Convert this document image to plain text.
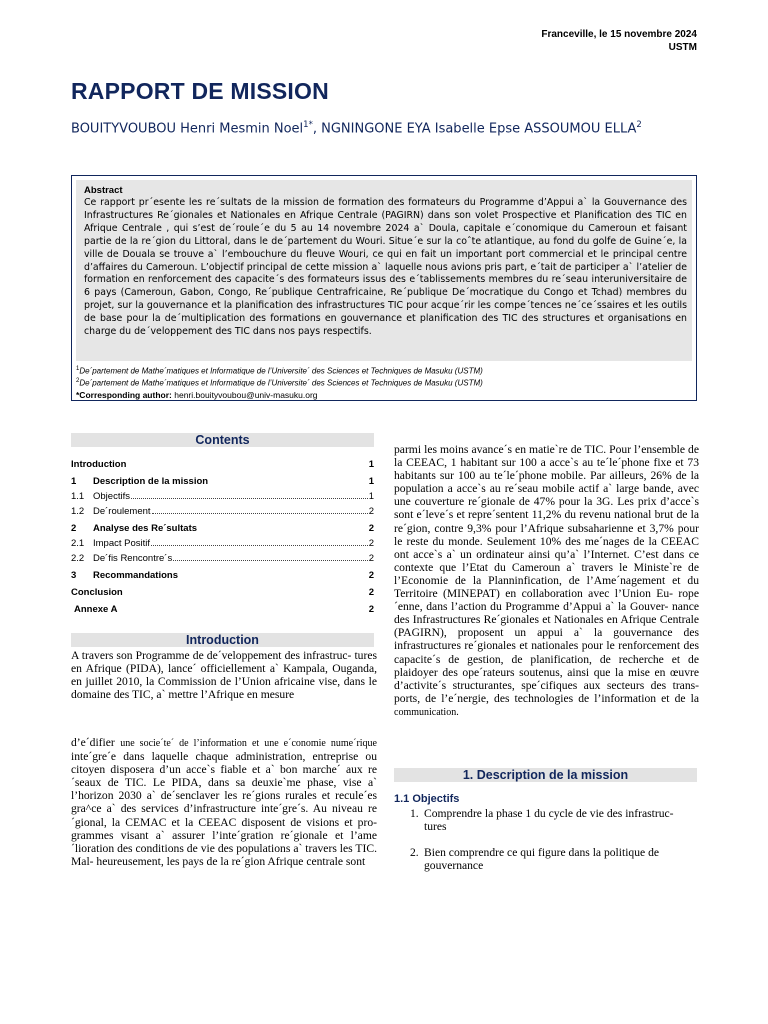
Franceville, le 15 novembre 2024
USTM
RAPPORT DE MISSION
BOUITYVOUBOU Henri Mesmin Noel$^{1*}$, NGNINGONE EYA Isabelle Epse ASSOUMOU ELLA$^2$
Abstract
Ce rapport pr´esente les re´sultats de la mission de formation des formateurs du Programme d’Appui a` la Gouvernance des Infrastructures Re´gionales et Nationales en Afrique Centrale (PAGIRN) dans son volet Prospective et Planification des TIC en Afrique Centrale , qui s’est de´roule´e du 5 au 14 novembre 2024 a` Doula, capitale e´conomique du Cameroun et faisant partie de la re´gion du Littoral, dans le de´partement du Wouri. Situe´e sur la coˆte atlantique, au fond du golfe de Guine´e, la ville de Douala se trouve a` l’embouchure du fleuve Wouri, ce qui en fait un important port commercial et le principal centre d’affaires du Cameroun. L’objectif principal de cette mission a` laquelle nous avions pris part, e´tait de participer a` l’atelier de formation en renforcement des capacite´s des formateurs issus des e´tablissements membres du re´seau interuniversitaire de 6 pays (Cameroun, Gabon, Congo, Re´publique Centrafricaine, Re´publique De´mocratique du Congo et Tchad) membres du projet, sur la gouvernance et la planification des infrastructures TIC pour acque´rir les compe´tences ne´ce´ssaires et les outils de base pour la de´multiplication des formations en gouvernance et planification des TIC des structures et organisations en charge du de´veloppement des TIC dans nos pays respectifs.
$^1$De´partement de Mathe´matiques et Informatique de l’Universite´ des Sciences et Techniques de Masuku (USTM)
$^2$De´partement de Mathe´matiques et Informatique de l’Universite´ des Sciences et Techniques de Masuku (USTM)
*Corresponding author: henri.bouityvoubou@univ-masuku.org
Contents
Introduction	1
1	Description de la mission	1
1.1 Objectifs	1
1.2 De´roulement	2
2	Analyse des Re´sultats	2
2.1 Impact Positif	2
2.2 De´fis Rencontre´s	2
3	Recommandations	2
Conclusion	2
Annexe A	2
Introduction
A travers son Programme de de´veloppement des infrastruc- tures en Afrique (PIDA), lance´ officiellement a` Kampala, Ouganda, en juillet 2010, la Commission de l’Union africaine vise, dans le domaine des TIC, a` mettre l’Afrique en mesure
d’e´difier une socie´te´ de l’information et une e´conomie nume´rique inte´gre´e dans laquelle chaque administration, entreprise ou citoyen disposera d’un acce`s fiable et a` bon marche´ aux re´seaux de TIC. Le PIDA, dans sa deuxie`me phase, vise a` l’horizon 2030 a` de´senclaver les re´gions rurales et recule´es gra^ce a` des services d’infrastructure inte´gre´s. Au niveau re´gional, la CEMAC et la CEEAC disposent de visions et pro- grammes visant a` assurer l’inte´gration re´gionale et l’ame ´lioration des conditions de vie des populations a` travers les TIC. Mal- heureusement, les pays de la re´gion Afrique centrale sont
parmi les moins avance´s en matie`re de TIC. Pour l’ensemble de la CEEAC, 1 habitant sur 100 a acce`s au te´le´phone fixe et 73 habitants sur 100 au te´le´phone mobile. Par ailleurs, 26% de la population a acce`s au re´seau mobile actif a` large bande, avec une couverture re´gionale de 47% pour la 3G. Les prix d’acce`s sont e´leve´s et repre´sentent 11,2% du revenu national brut de la re´gion, contre 9,3% pour l’Afrique subsaharienne et 3,7% pour le reste du monde. Seulement 10% des me´nages de la CEEAC ont acce`s a` un ordinateur ainsi qu’a` l’Internet. C’est dans ce contexte que l’Etat du Cameroun a` travers le Ministe`re de l’Economie de la Planninfication, de l’Ame´nagement et du Territoire (MINEPAT) en collaboration avec l’Union Eu- rope´enne, dans l’action du Programme d’Appui a` la Gouver- nance des Infrastructures Re´gionales et Nationales en Afrique Centrale (PAGIRN), proposent un appui a` la gouvernance des infrastructures re´gionales et nationales pour le renforcement des capacite´s de gestion, de planification, de recherche et de plaidoyer des ope´rateurs soutenus, ainsi que la mise en œuvre d’activite´s structurantes, spe´cifiques aux secteurs des trans- ports, de l’e´nergie, des technologies de l’information et de la communication.
1. Description de la mission
1.1 Objectifs
1. Comprendre la phase 1 du cycle de vie des infrastruc- tures
2. Bien comprendre ce qui figure dans la politique de gouvernance
